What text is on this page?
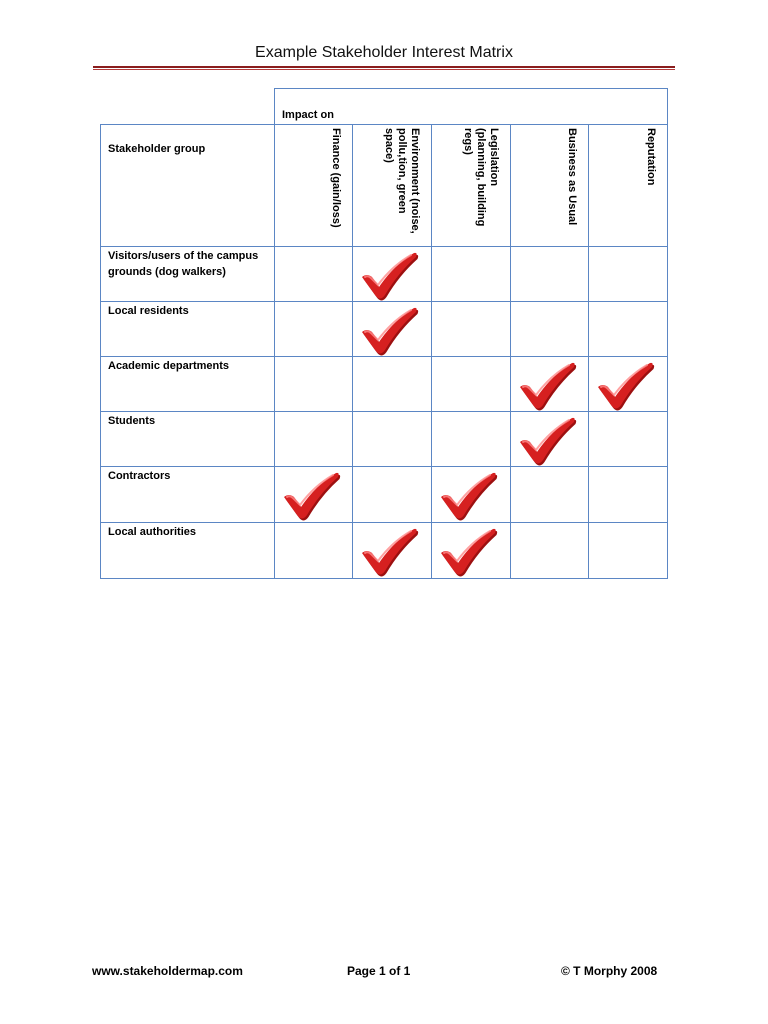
Example Stakeholder Interest Matrix
Impact on
Stakeholder group	Finance (gain/loss)	Environment (noise, pollu,tion, green space)	Legislation (planning, building regs)	Business as Usual	Reputation
Visitors/users of the campus grounds (dog walkers)
Local residents
Academic departments
Students
Contractors
Local authorities
www.stakeholdermap.com	Page 1 of 1	© T Morphy 2008
